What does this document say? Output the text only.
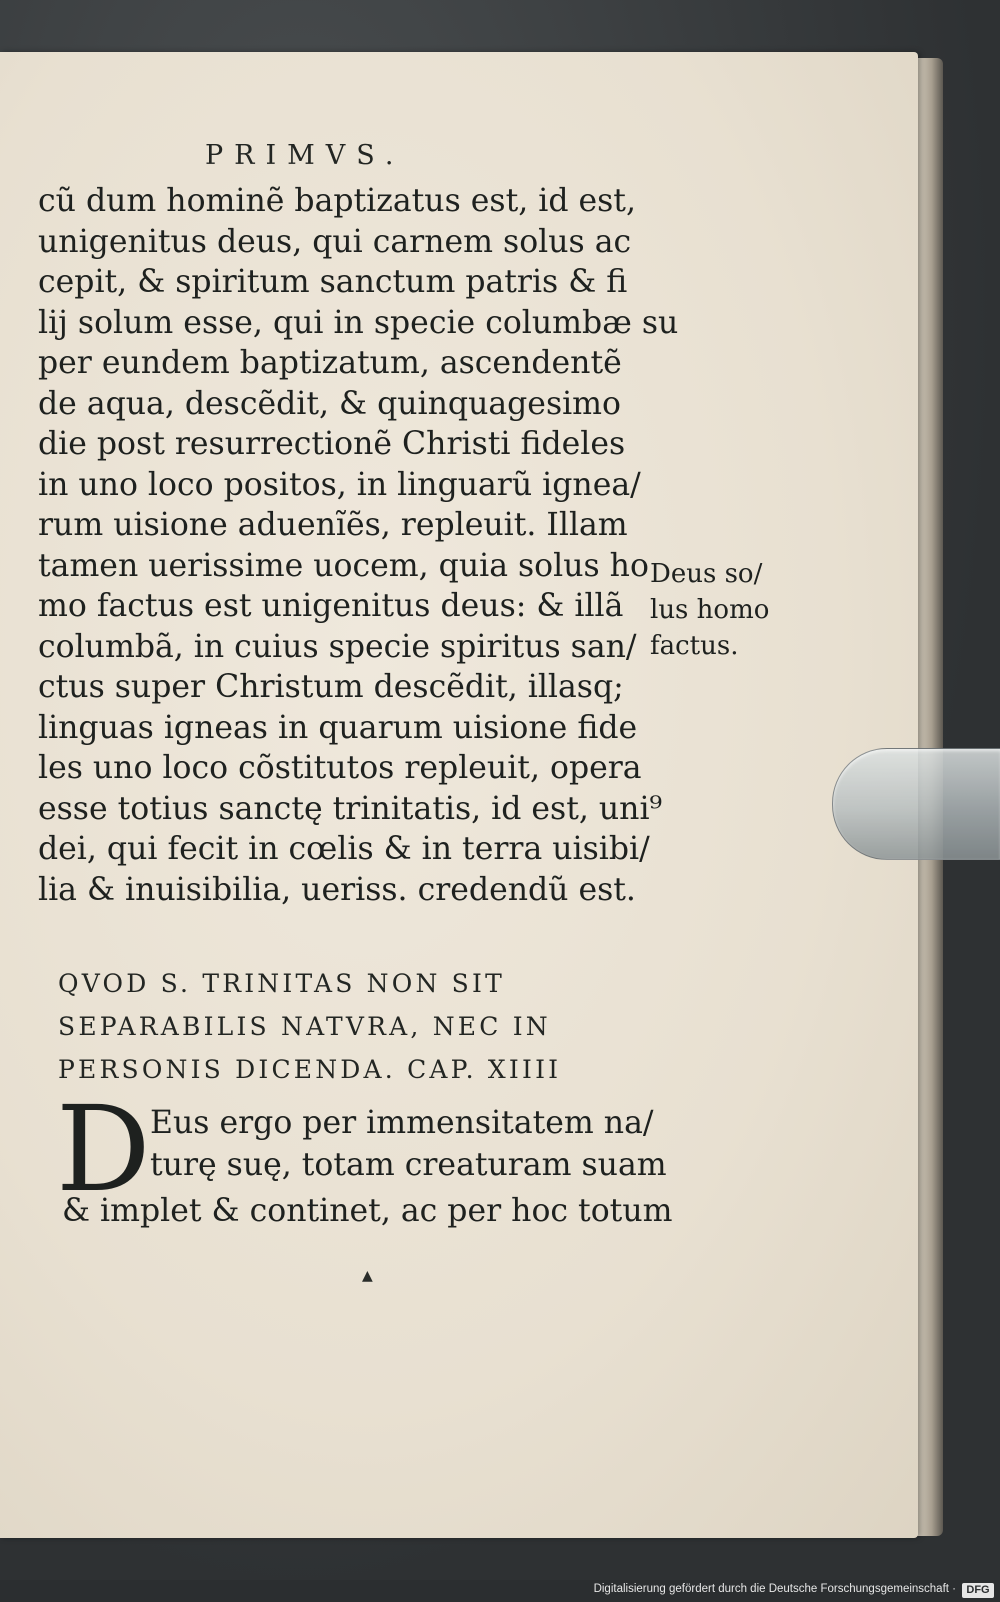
PRIMVS.
cũ dum hominẽ baptizatus est, id est,
unigenitus deus, qui carnem solus ac
cepit, & spiritum sanctum patris & fi
lij solum esse, qui in specie columbæ su
per eundem baptizatum, ascendentẽ
de aqua, descẽdit, & quinquagesimo
die post resurrectionẽ Christi fideles
in uno loco positos, in linguarũ ignea/
rum uisione aduenĩẽs, repleuit. Illam
tamen uerissime uocem, quia solus ho
mo factus est unigenitus deus: & illã
columbã, in cuius specie spiritus san/
ctus super Christum descẽdit, illasq;
linguas igneas in quarum uisione fide
les uno loco cõstitutos repleuit, opera
esse totius sanctę trinitatis, id est, uni⁹
dei, qui fecit in cœlis & in terra uisibi/
lia & inuisibilia, ueriss. credendũ est.
Deus so/
lus homo
factus.
QVOD S. TRINITAS NON SIT
SEPARABILIS NATVRA, NEC IN
PERSONIS DICENDA. CAP. XIIII
D Eus ergo per immensitatem na/
turę suę, totam creaturam suam
& implet & continet, ac per hoc totum
▲
Digitalisierung gefördert durch die Deutsche Forschungsgemeinschaft · DFG
